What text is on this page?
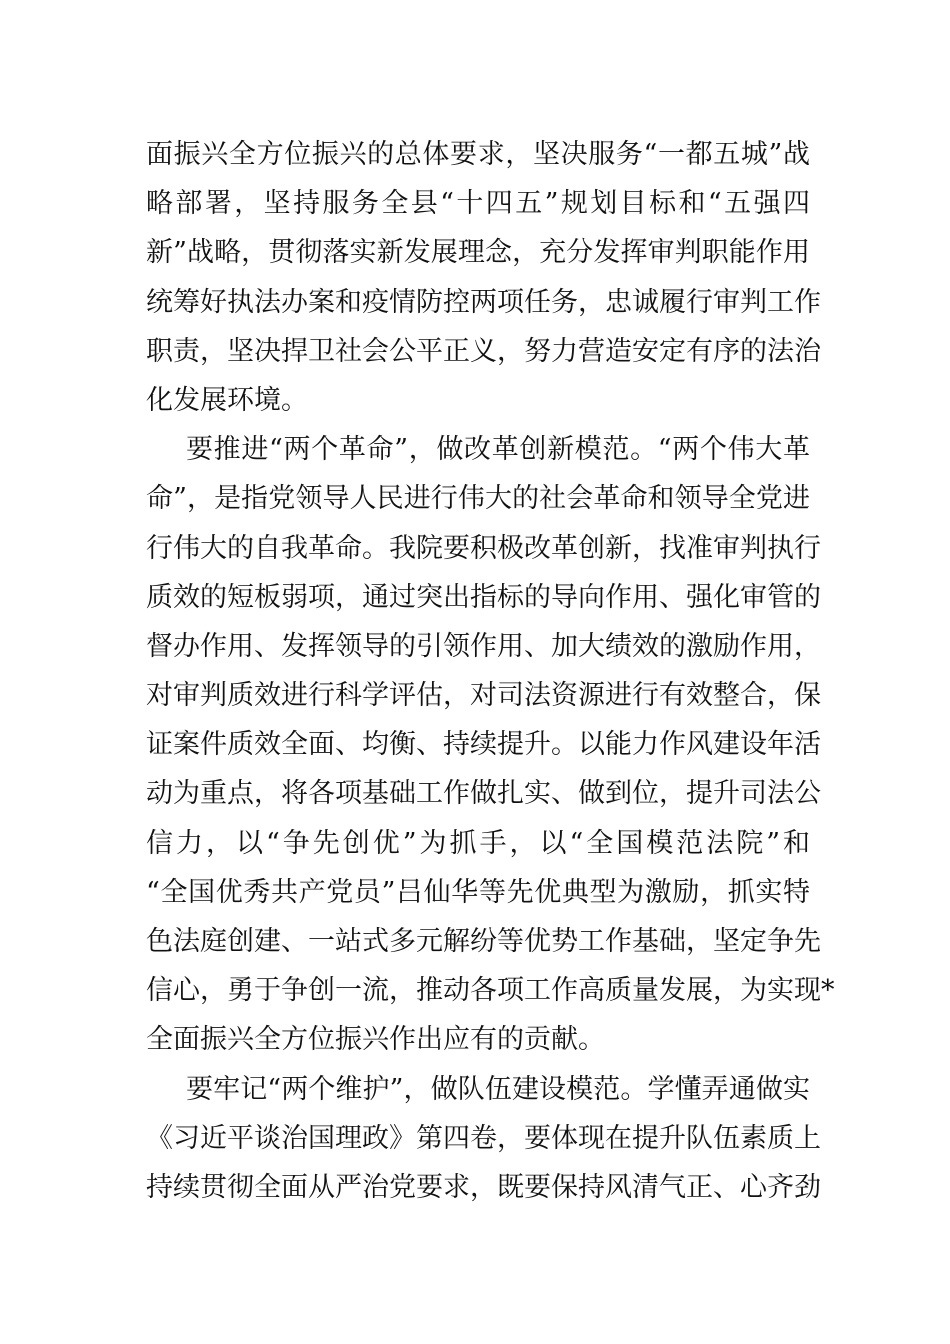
面振兴全方位振兴的总体要求，坚决服务“一都五城”战
略部署，坚持服务全县“十四五”规划目标和“五强四
新”战略，贯彻落实新发展理念，充分发挥审判职能作用
统筹好执法办案和疫情防控两项任务，忠诚履行审判工作
职责，坚决捍卫社会公平正义，努力营造安定有序的法治
化发展环境。
要推进“两个革命”，做改革创新模范。“两个伟大革
命”，是指党领导人民进行伟大的社会革命和领导全党进
行伟大的自我革命。我院要积极改革创新，找准审判执行
质效的短板弱项，通过突出指标的导向作用、强化审管的
督办作用、发挥领导的引领作用、加大绩效的激励作用，
对审判质效进行科学评估，对司法资源进行有效整合，保
证案件质效全面、均衡、持续提升。以能力作风建设年活
动为重点，将各项基础工作做扎实、做到位，提升司法公
信力，以“争先创优”为抓手，以“全国模范法院”和
“全国优秀共产党员”吕仙华等先优典型为激励，抓实特
色法庭创建、一站式多元解纷等优势工作基础，坚定争先
信心，勇于争创一流，推动各项工作高质量发展，为实现*
全面振兴全方位振兴作出应有的贡献。
要牢记“两个维护”，做队伍建设模范。学懂弄通做实
《习近平谈治国理政》第四卷，要体现在提升队伍素质上
持续贯彻全面从严治党要求，既要保持风清气正、心齐劲
